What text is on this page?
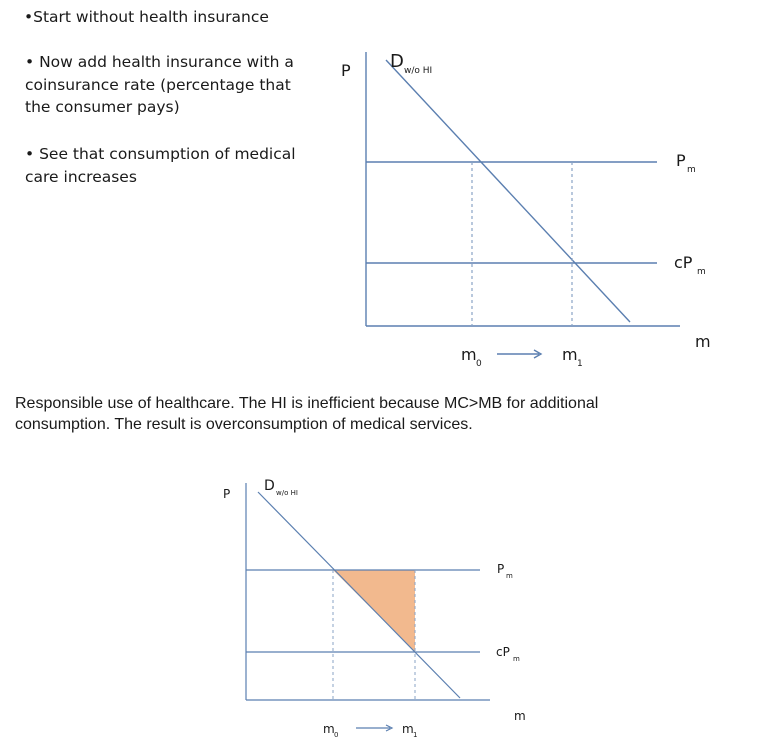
•Start without health insurance
• Now add health insurance with a coinsurance rate (percentage that the consumer pays)
• See that consumption of medical care increases
Responsible use of healthcare. The HI is inefficient because MC>MB for additional consumption. The result is overconsumption of medical services.
P D w/o HI
P m
cP m
m
m 0	m 1
P D w/o HI
P m
cP m
m
m 0	m 1
